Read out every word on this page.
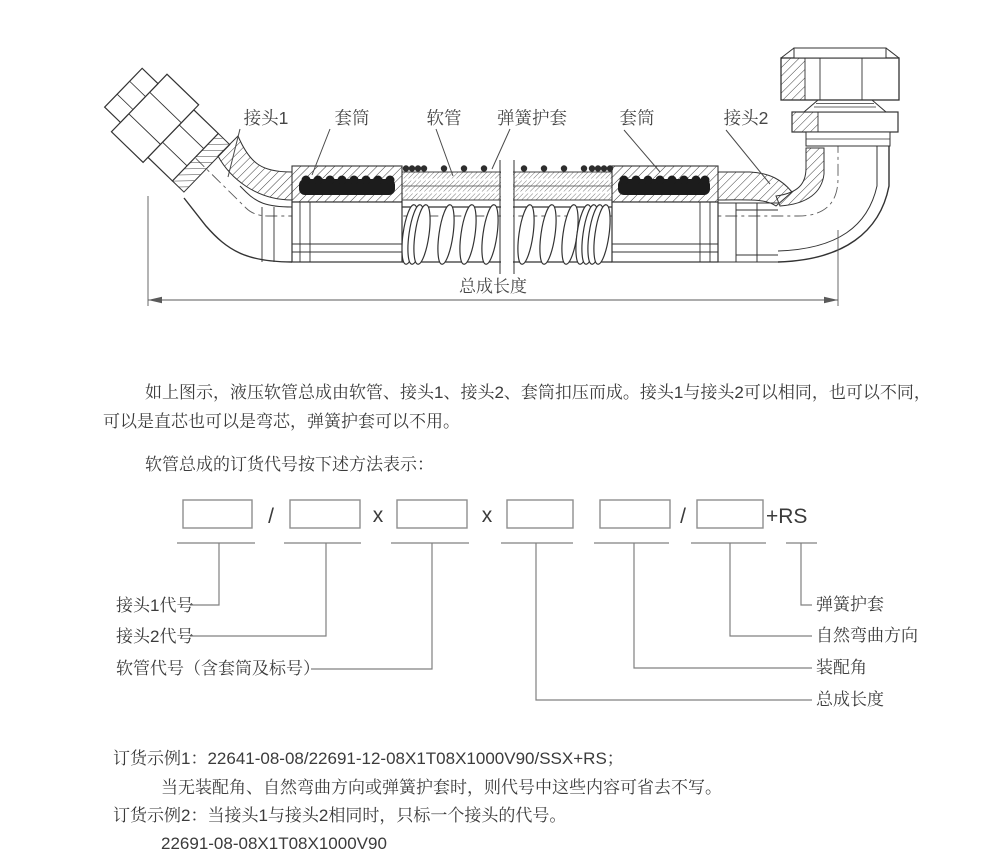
接头1	套筒	软管 弹簧护套	套筒	接头2
总成长度
如上图示，液压软管总成由软管、接头1、接头2、套筒扣压而成。接头1与接头2可以相同，也可以不同，
可以是直芯也可以是弯芯，弹簧护套可以不用。
软管总成的订货代号按下述方法表示：
/	x	x	/	+RS
接头1代号
接头2代号
软管代号（含套筒及标号）
弹簧护套
自然弯曲方向
装配角
总成长度
订货示例1：22641-08-08/22691-12-08X1T08X1000V90/SSX+RS；
当无装配角、自然弯曲方向或弹簧护套时，则代号中这些内容可省去不写。
订货示例2：当接头1与接头2相同时，只标一个接头的代号。
22691-08-08X1T08X1000V90
